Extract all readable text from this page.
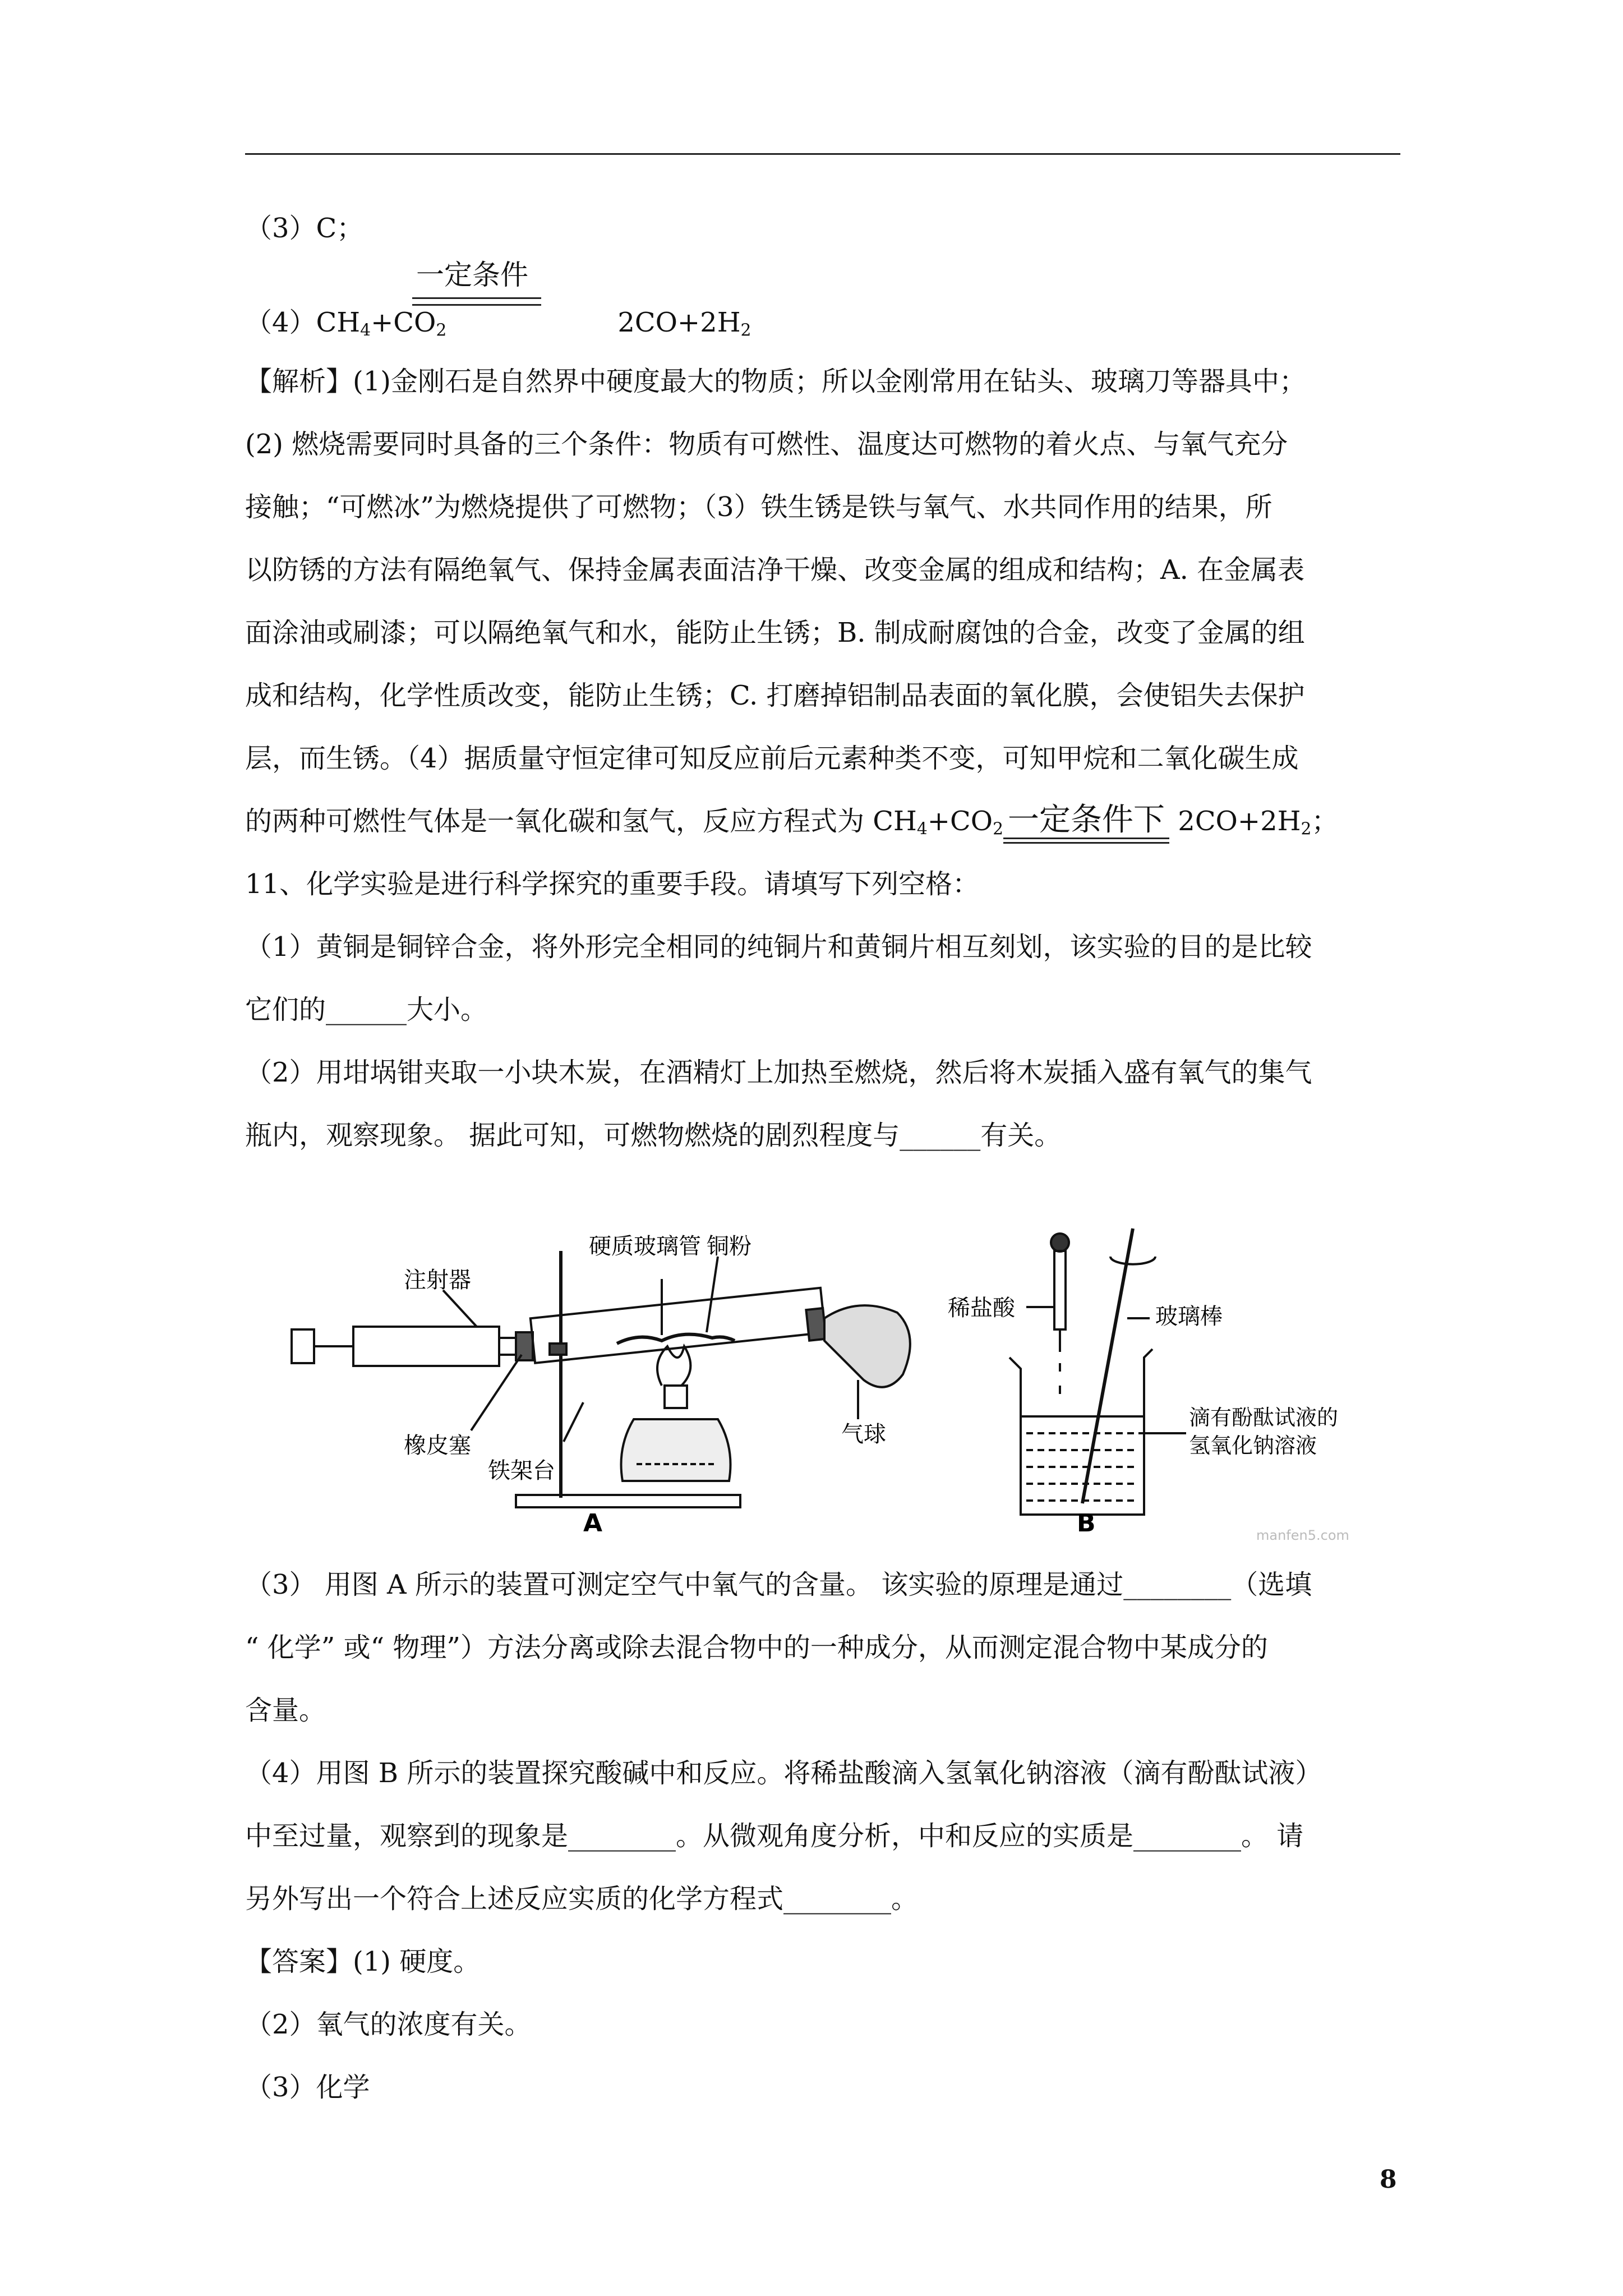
（3）C；
一定条件
$(4)CH_4+CO_2$	$2CO+2H_2$
【解析】(1)金刚石是自然界中硬度最大的物质；所以金刚常用在钻头、玻璃刀等器具中；
(2) 燃烧需要同时具备的三个条件：物质有可燃性、温度达可燃物的着火点、与氧气充分
接触；“可燃冰”为燃烧提供了可燃物；（3）铁生锈是铁与氧气、水共同作用的结果，所
以防锈的方法有隔绝氧气、保持金属表面洁净干燥、改变金属的组成和结构；A. 在金属表
面涂油或刷漆；可以隔绝氧气和水，能防止生锈；B. 制成耐腐蚀的合金，改变了金属的组
成和结构，化学性质改变，能防止生锈；C. 打磨掉铝制品表面的氧化膜，会使铝失去保护
层，而生锈。（4）据质量守恒定律可知反应前后元素种类不变，可知甲烷和二氧化碳生成
的两种可燃性气体是一氧化碳和氢气，反应方程式为 $CH_4+CO_2$ 一定条件下
$2CO+2H_2$；
11、化学实验是进行科学探究的重要手段。请填写下列空格：
（1）黄铜是铜锌合金，将外形完全相同的纯铜片和黄铜片相互刻划，该实验的目的是比较
它们的______大小。
（2）用坩埚钳夹取一小块木炭，在酒精灯上加热至燃烧，然后将木炭插入盛有氧气的集气
瓶内，观察现象。 据此可知，可燃物燃烧的剧烈程度与______有关。
注射器
硬质玻璃管 铜粉
橡皮塞
铁架台
气球
A
稀盐酸	玻璃棒
滴有酚酞试液的
氢氧化钠溶液
B	manfen5.com
（3） 用图 A 所示的装置可测定空气中氧气的含量。 该实验的原理是通过________（选填
“ 化学” 或“ 物理”）方法分离或除去混合物中的一种成分，从而测定混合物中某成分的
含量。
（4）用图 B 所示的装置探究酸碱中和反应。将稀盐酸滴入氢氧化钠溶液（滴有酚酞试液）
中至过量，观察到的现象是________。从微观角度分析，中和反应的实质是________。 请
另外写出一个符合上述反应实质的化学方程式________。
【答案】(1) 硬度。
（2）氧气的浓度有关。
（3）化学
8
